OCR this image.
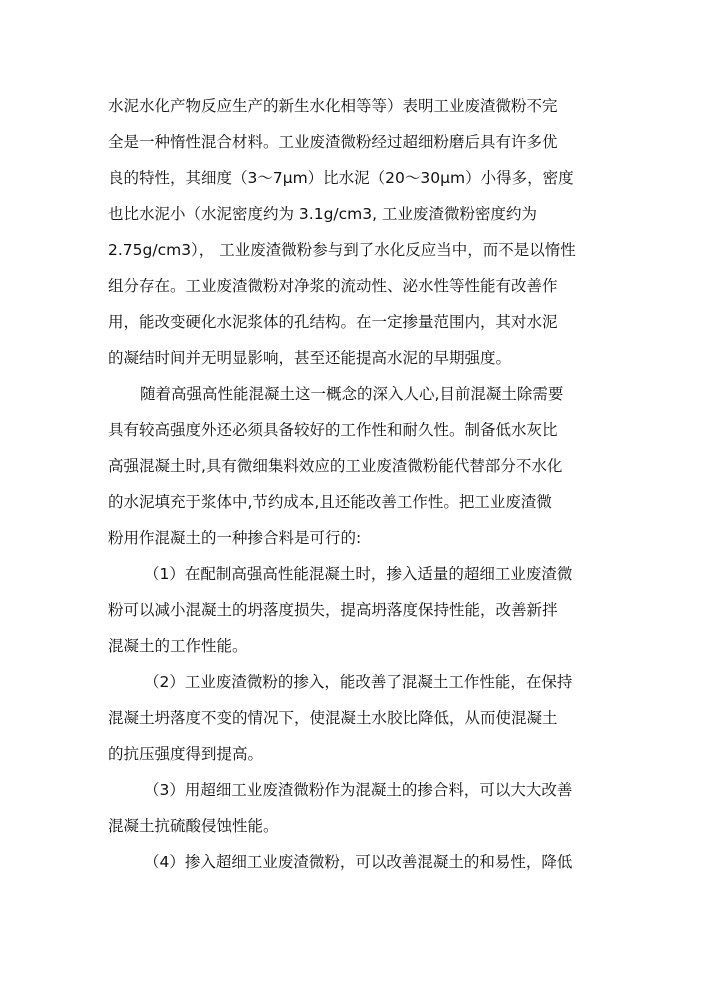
水泥水化产物反应生产的新生水化相等等）表明工业废渣微粉不完
全是一种惰性混合材料。工业废渣微粉经过超细粉磨后具有许多优
良的特性，其细度（3～7μm）比水泥（20～30μm）小得多，密度
也比水泥小（水泥密度约为 3.1g/cm3, 工业废渣微粉密度约为
2.75g/cm3）， 工业废渣微粉参与到了水化反应当中，而不是以惰性
组分存在。工业废渣微粉对净浆的流动性、泌水性等性能有改善作
用，能改变硬化水泥浆体的孔结构。在一定掺量范围内，其对水泥
的凝结时间并无明显影响，甚至还能提高水泥的早期强度。
随着高强高性能混凝土这一概念的深入人心,目前混凝土除需要
具有较高强度外还必须具备较好的工作性和耐久性。制备低水灰比
高强混凝土时,具有微细集料效应的工业废渣微粉能代替部分不水化
的水泥填充于浆体中,节约成本,且还能改善工作性。把工业废渣微
粉用作混凝土的一种掺合料是可行的:
（1）在配制高强高性能混凝土时，掺入适量的超细工业废渣微
粉可以减小混凝土的坍落度损失，提高坍落度保持性能，改善新拌
混凝土的工作性能。
（2）工业废渣微粉的掺入，能改善了混凝土工作性能，在保持
混凝土坍落度不变的情况下，使混凝土水胶比降低，从而使混凝土
的抗压强度得到提高。
（3）用超细工业废渣微粉作为混凝土的掺合料，可以大大改善
混凝土抗硫酸侵蚀性能。
（4）掺入超细工业废渣微粉，可以改善混凝土的和易性，降低
